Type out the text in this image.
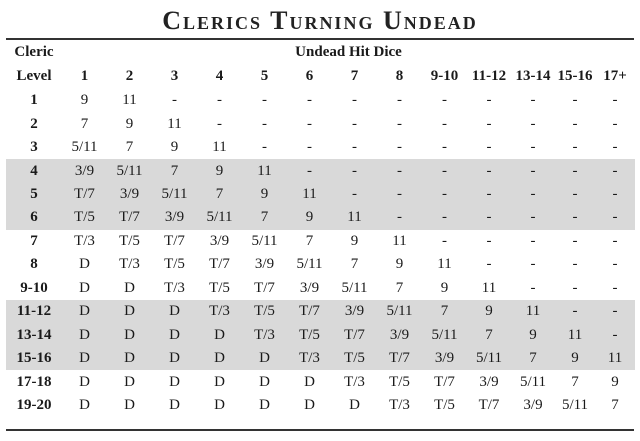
Clerics Turning Undead
Cleric	Undead Hit Dice												
Level	1	2	3	4	5	6	7	8	9-10	11-12	13-14	15-16	17+
1	9	11	-	-	-	-	-	-	-	-	-	-	-
2	7	9	11	-	-	-	-	-	-	-	-	-	-
3	5/11	7	9	11	-	-	-	-	-	-	-	-	-
4	3/9	5/11	7	9	11	-	-	-	-	-	-	-	-
5	T/7	3/9	5/11	7	9	11	-	-	-	-	-	-	-
6	T/5	T/7	3/9	5/11	7	9	11	-	-	-	-	-	-
7	T/3	T/5	T/7	3/9	5/11	7	9	11	-	-	-	-	-
8	D	T/3	T/5	T/7	3/9	5/11	7	9	11	-	-	-	-
9-10	D	D	T/3	T/5	T/7	3/9	5/11	7	9	11	-	-	-
11-12	D	D	D	T/3	T/5	T/7	3/9	5/11	7	9	11	-	-
13-14	D	D	D	D	T/3	T/5	T/7	3/9	5/11	7	9	11	-
15-16	D	D	D	D	D	T/3	T/5	T/7	3/9	5/11	7	9	11
17-18	D	D	D	D	D	D	T/3	T/5	T/7	3/9	5/11	7	9
19-20	D	D	D	D	D	D	D	T/3	T/5	T/7	3/9	5/11	7
